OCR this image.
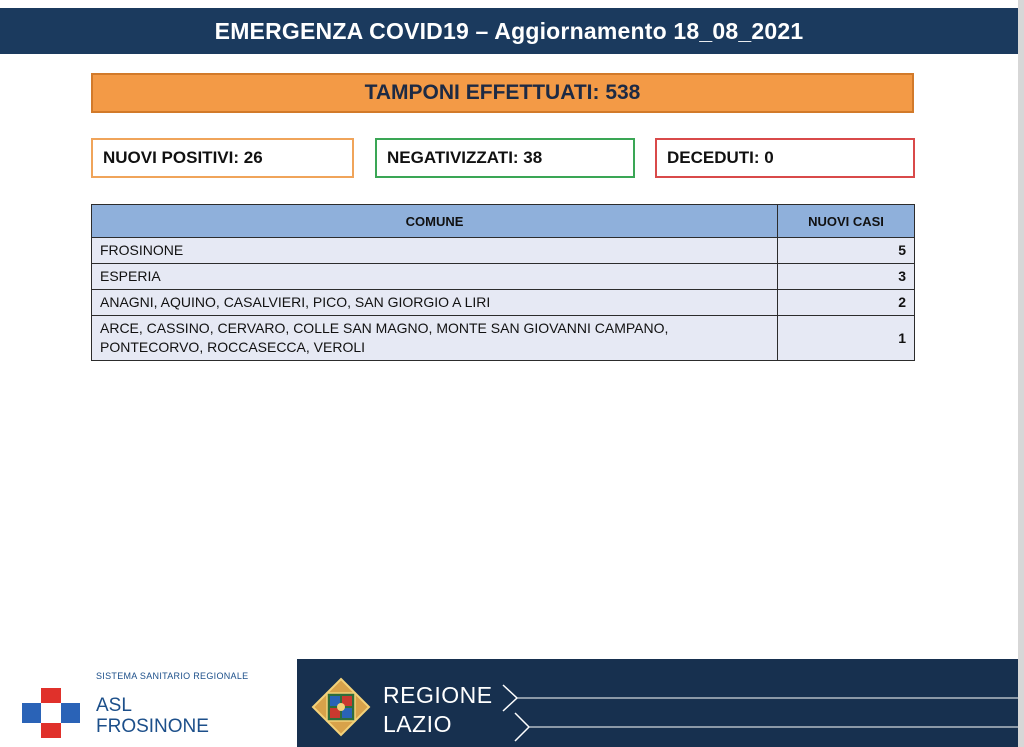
EMERGENZA COVID19 – Aggiornamento 18_08_2021
TAMPONI EFFETTUATI: 538
NUOVI POSITIVI: 26	NEGATIVIZZATI: 38	DECEDUTI: 0
COMUNE	NUOVI CASI
FROSINONE	5
ESPERIA	3
ANAGNI, AQUINO, CASALVIERI, PICO, SAN GIORGIO A LIRI	2
ARCE, CASSINO, CERVARO, COLLE SAN MAGNO, MONTE SAN GIOVANNI CAMPANO, PONTECORVO, ROCCASECCA, VEROLI	1
SISTEMA SANITARIO REGIONALE
ASL
FROSINONE
REGIONE
LAZIO
